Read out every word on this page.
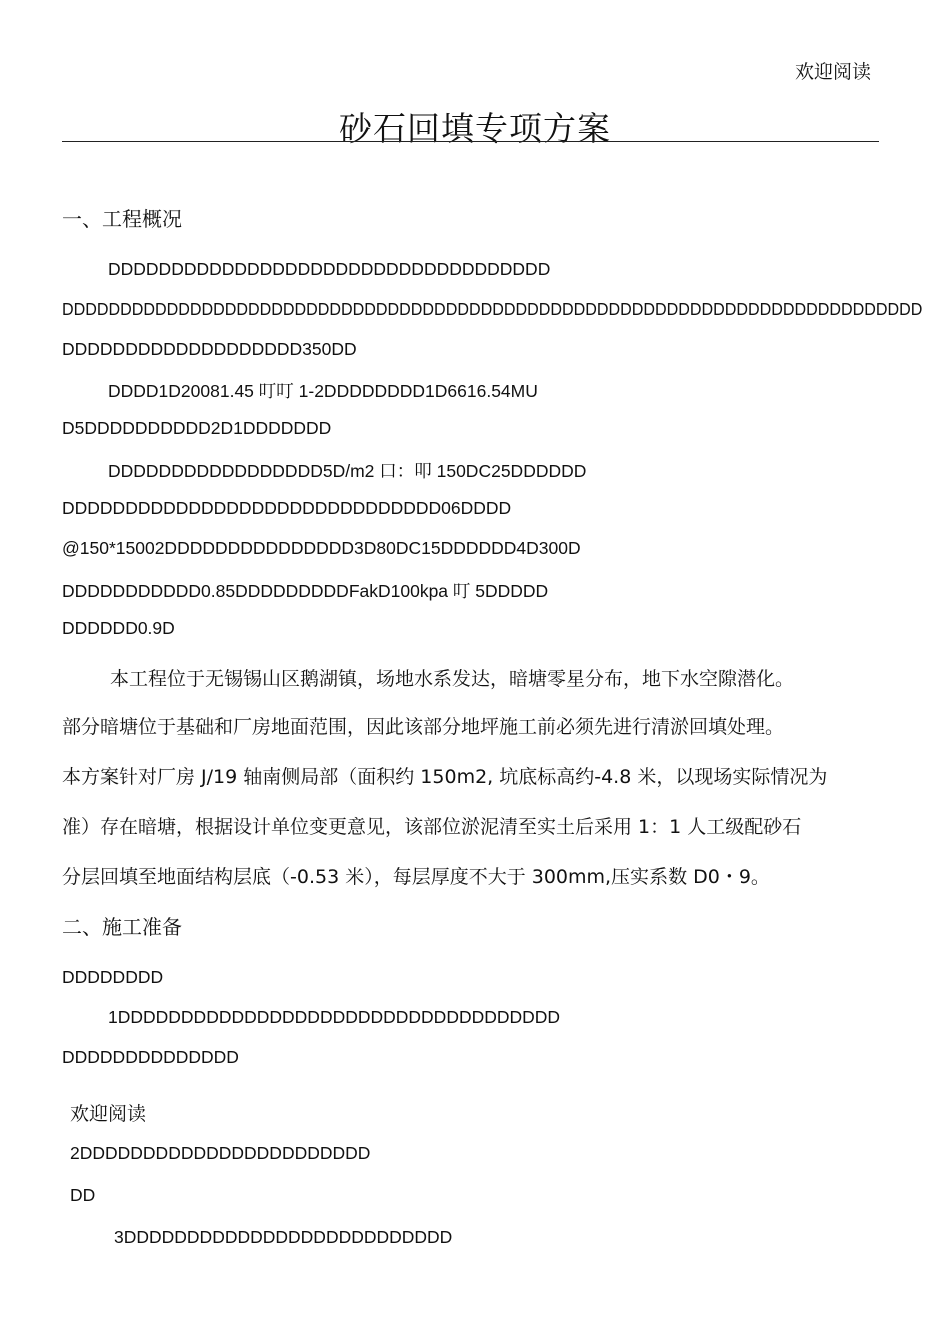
欢迎阅读
砂石回填专项方案
一、工程概况
DDDDDDDDDDDDDDDDDDDDDDDDDDDDDDDDDDD
DDDDDDDDDDDDDDDDDDDDDDDDDDDDDDDDDDDDDDDDDDDDDDDDDDDDDDDDDDDDDDDDDDDDDDDDDD
DDDDDDDDDDDDDDDDDDD350DD
DDDD1D20081.45 叮叮 1-2DDDDDDDD1D6616.54MU
D5DDDDDDDDDD2D1DDDDDDD
DDDDDDDDDDDDDDDDD5D/m2 口：叩 150DC25DDDDDD
DDDDDDDDDDDDDDDDDDDDDDDDDDDDDD06DDDD
@150*15002DDDDDDDDDDDDDDD3D80DC15DDDDDD4D300D
DDDDDDDDDDD0.85DDDDDDDDDFakD100kpa 叮 5DDDDD
DDDDDD0.9D
本工程位于无锡锡山区鹅湖镇，场地水系发达，暗塘零星分布，地下水空隙潜化。
部分暗塘位于基础和厂房地面范围，因此该部分地坪施工前必须先进行清淤回填处理。
本方案针对厂房 J/19 轴南侧局部（面积约 150m2, 坑底标高约-4.8 米，以现场实际情况为
准）存在暗塘，根据设计单位变更意见，该部位淤泥清至实土后采用 1：1 人工级配砂石
分层回填至地面结构层底（-0.53 米），每层厚度不大于 300mm,压实系数 D0・9。
二、施工准备
DDDDDDDD
1DDDDDDDDDDDDDDDDDDDDDDDDDDDDDDDDDDD
DDDDDDDDDDDDDD
欢迎阅读
2DDDDDDDDDDDDDDDDDDDDDDD
DD
3DDDDDDDDDDDDDDDDDDDDDDDDDD
